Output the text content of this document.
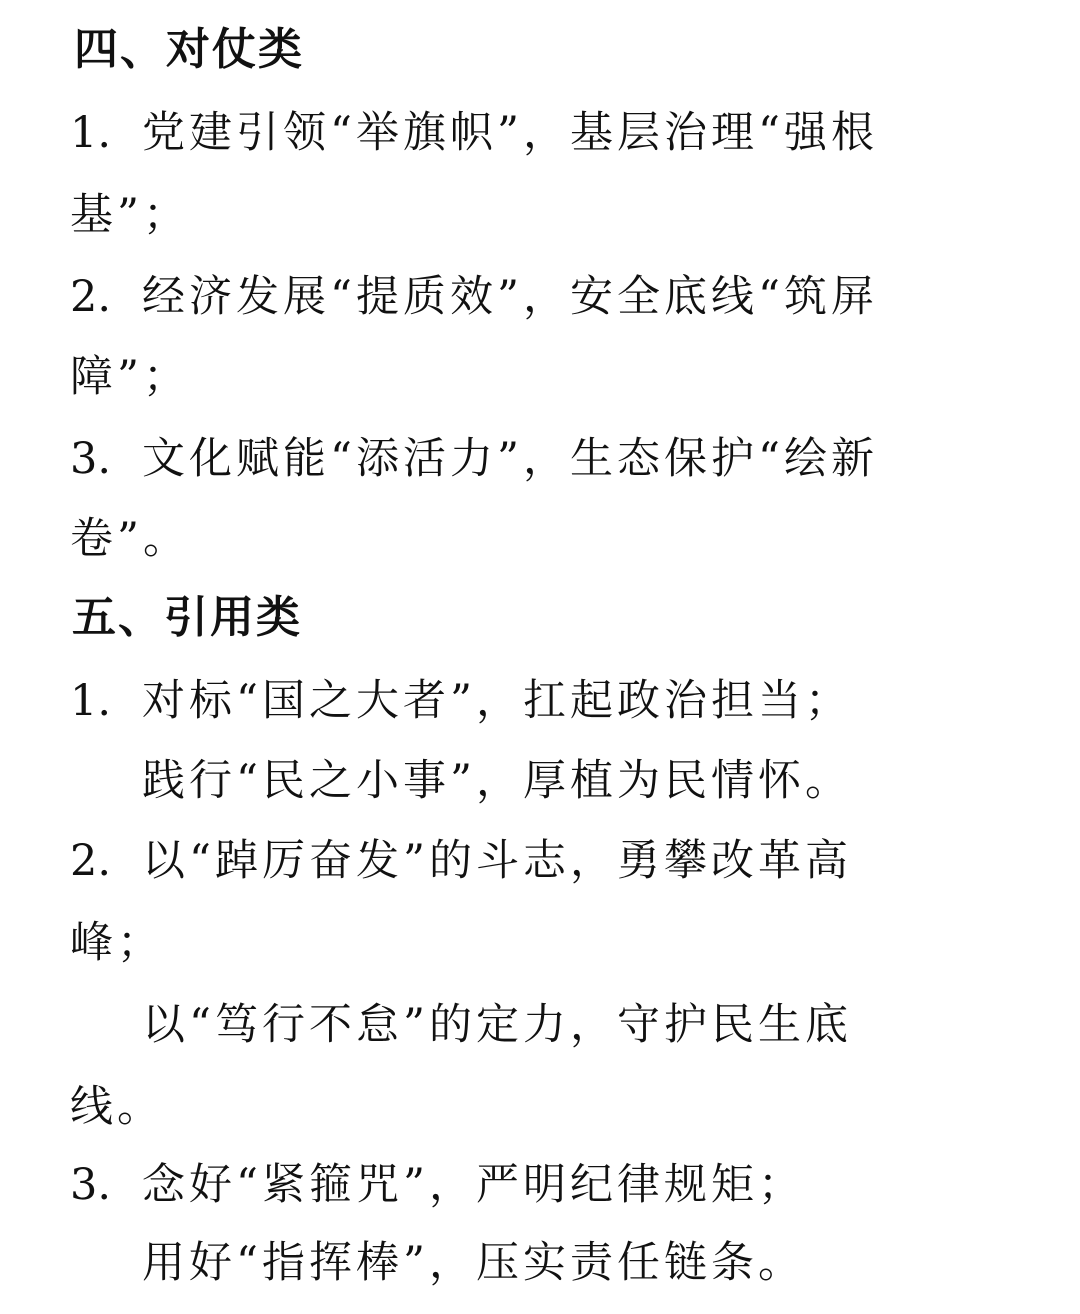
四、对仗类
1. 党建引领“举旗帜”，基层治理“强根
基”；
2. 经济发展“提质效”，安全底线“筑屏
障”；
3. 文化赋能“添活力”，生态保护“绘新
卷”。
五、引用类
1. 对标“国之大者”，扛起政治担当；
践行“民之小事”，厚植为民情怀。
2. 以“踔厉奋发”的斗志，勇攀改革高
峰；
以“笃行不怠”的定力，守护民生底
线。
3. 念好“紧箍咒”，严明纪律规矩；
用好“指挥棒”，压实责任链条。
